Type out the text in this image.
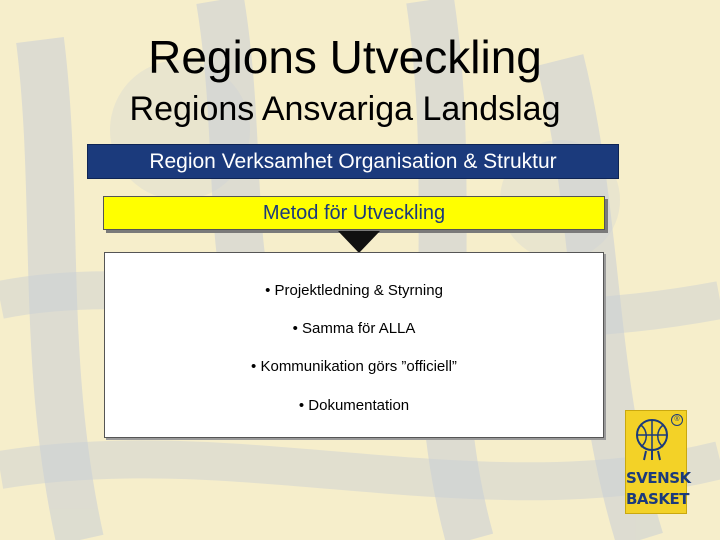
Regions Utveckling
Regions Ansvariga Landslag
Region Verksamhet Organisation & Struktur
Metod för Utveckling
• Projektledning & Styrning
• Samma för ALLA
• Kommunikation görs ”officiell”
• Dokumentation
®
SVENSK
BASKET
